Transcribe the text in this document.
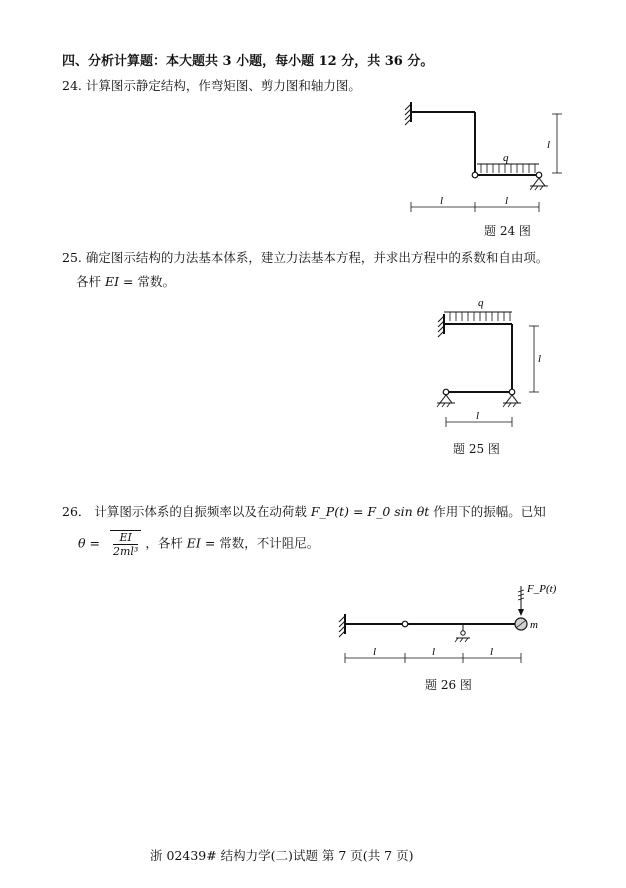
四、分析计算题：本大题共 3 小题，每小题 12 分，共 36 分。
24. 计算图示静定结构，作弯矩图、剪力图和轴力图。
q
l
l	l
题 24 图
25. 确定图示结构的力法基本体系，建立力法基本方程，并求出方程中的系数和自由项。
各杆 EI = 常数。
q
l
l
题 25 图
26． 计算图示体系的自振频率以及在动荷载 F_P(t) = F_0 sin θt 作用下的振幅。已知
$\theta = \frac{EI}{\text{2ml³}}$ ，各杆 EI = 常数，不计阻尼。
m
F_P(t)
l	l	l
题 26 图
浙 02439# 结构力学(二)试题 第 7 页(共 7 页)
